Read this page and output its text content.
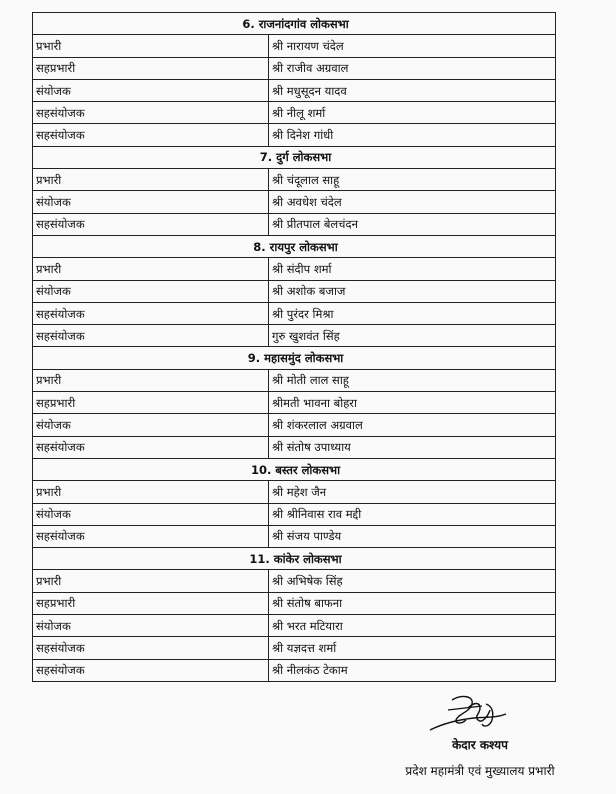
6. राजनांदगांव लोकसभा	
प्रभारी	श्री नारायण चंदेल
सहप्रभारी	श्री राजीव अग्रवाल
संयोजक	श्री मधुसूदन यादव
सहसंयोजक	श्री नीलू शर्मा
सहसंयोजक	श्री दिनेश गांधी
7. दुर्ग लोकसभा	
प्रभारी	श्री चंदूलाल साहू
संयोजक	श्री अवधेश चंदेल
सहसंयोजक	श्री प्रीतपाल बेलचंदन
8. रायपुर लोकसभा	
प्रभारी	श्री संदीप शर्मा
संयोजक	श्री अशोक बजाज
सहसंयोजक	श्री पुरंदर मिश्रा
सहसंयोजक	गुरु खुशवंत सिंह
9. महासमुंद लोकसभा	
प्रभारी	श्री मोती लाल साहू
सहप्रभारी	श्रीमती भावना बोहरा
संयोजक	श्री शंकरलाल अग्रवाल
सहसंयोजक	श्री संतोष उपाध्याय
10. बस्तर लोकसभा	
प्रभारी	श्री महेश जैन
संयोजक	श्री श्रीनिवास राव मद्दी
सहसंयोजक	श्री संजय पाण्डेय
11. कांकेर लोकसभा	
प्रभारी	श्री अभिषेक सिंह
सहप्रभारी	श्री संतोष बाफना
संयोजक	श्री भरत मटियारा
सहसंयोजक	श्री यज्ञदत्त शर्मा
सहसंयोजक	श्री नीलकंठ टेकाम
केदार कश्यप
प्रदेश महामंत्री एवं मुख्यालय प्रभारी
